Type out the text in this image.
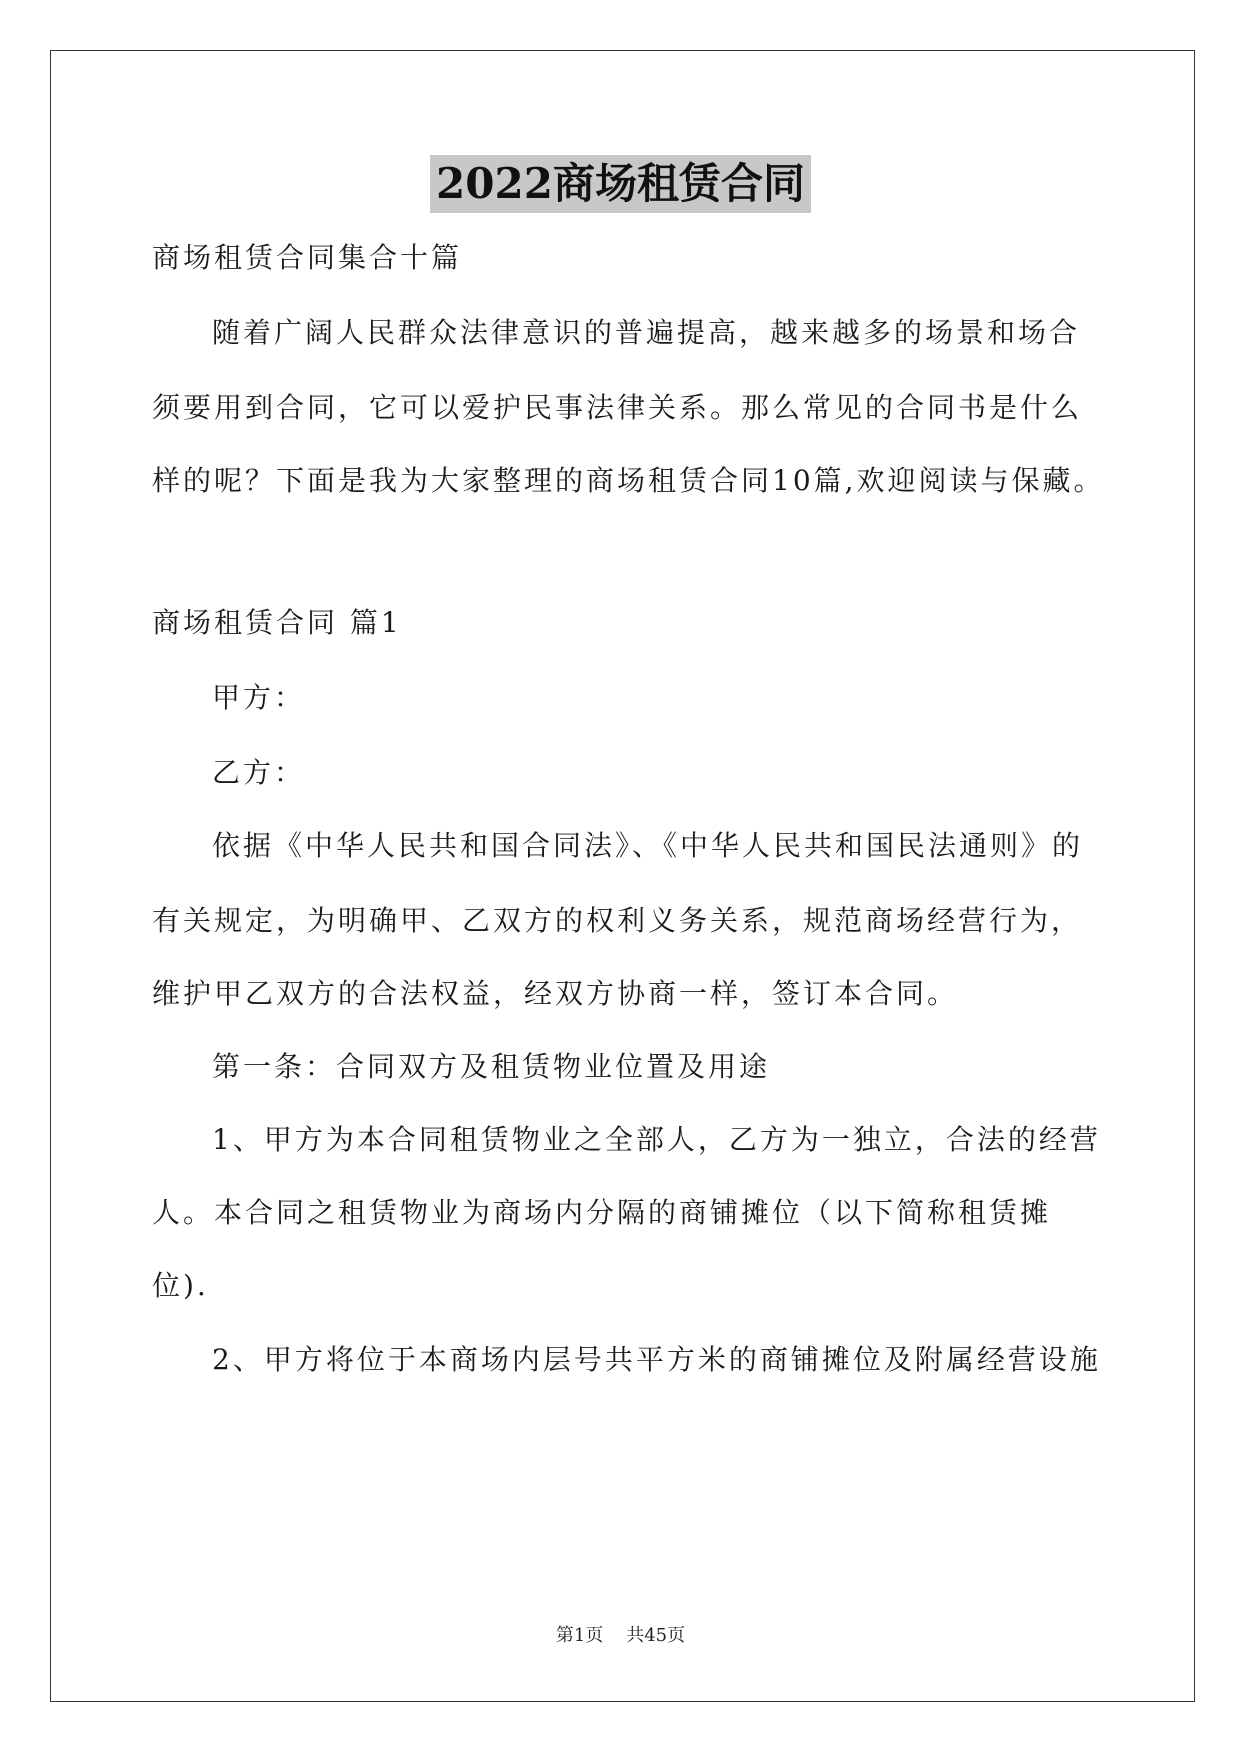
2022商场租赁合同
商场租赁合同集合十篇
随着广阔人民群众法律意识的普遍提高，越来越多的场景和场合
须要用到合同，它可以爱护民事法律关系。那么常见的合同书是什么
样的呢？下面是我为大家整理的商场租赁合同10篇,欢迎阅读与保藏。
商场租赁合同 篇1
甲方：
乙方：
依据《中华人民共和国合同法》、《中华人民共和国民法通则》的
有关规定，为明确甲、乙双方的权利义务关系，规范商场经营行为，
维护甲乙双方的合法权益，经双方协商一样，签订本合同。
第一条：合同双方及租赁物业位置及用途
1、甲方为本合同租赁物业之全部人，乙方为一独立，合法的经营
人。本合同之租赁物业为商场内分隔的商铺摊位（以下简称租赁摊
位).
2、甲方将位于本商场内层号共平方米的商铺摊位及附属经营设施
第1页 共45页
